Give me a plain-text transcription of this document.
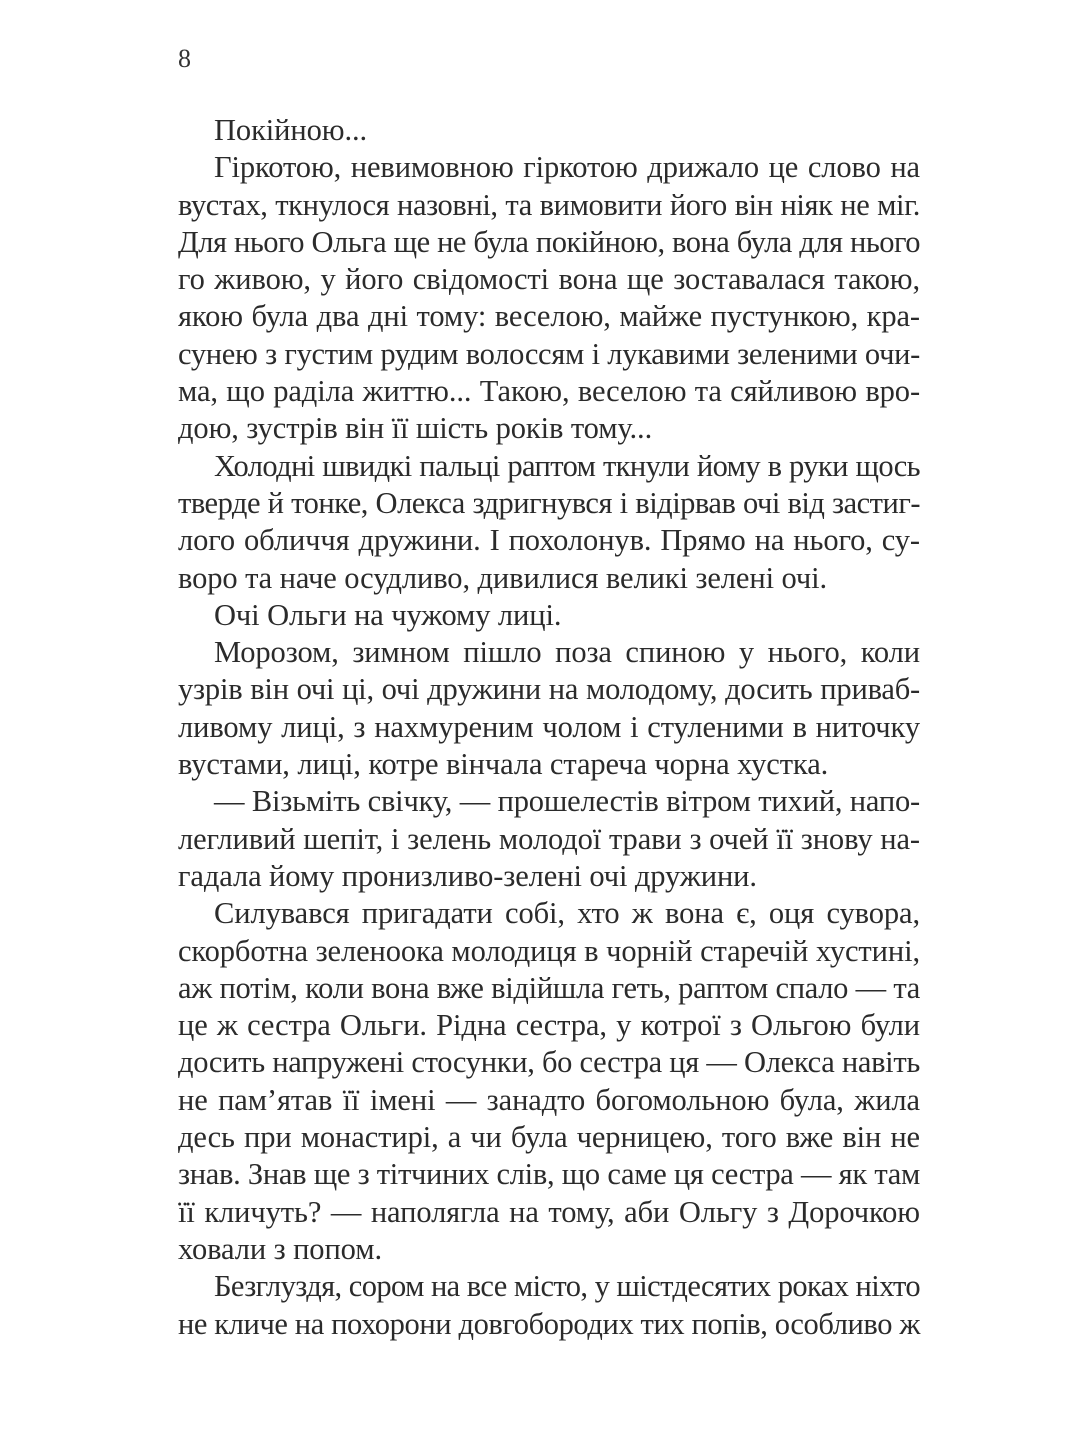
8
Покійною...
Гіркотою, невимовною гіркотою дрижало це слово на
вустах, ткнулося назовні, та вимовити його він ніяк не міг.
Для нього Ольга ще не була покійною, вона була для нього
го живою, у його свідомості вона ще зоставалася такою,
якою була два дні тому: веселою, майже пустункою, кра-
сунею з густим рудим волоссям і лукавими зеленими очи-
ма, що раділа життю... Такою, веселою та сяйливою вро-
дою, зустрів він її шість років тому...
Холодні швидкі пальці раптом ткнули йому в руки щось
тверде й тонке, Олекса здригнувся і відірвав очі від застиг-
лого обличчя дружини. І похолонув. Прямо на нього, су-
воро та наче осудливо, дивилися великі зелені очі.
Очі Ольги на чужому лиці.
Морозом, зимном пішло поза спиною у нього, коли
узрів він очі ці, очі дружини на молодому, досить приваб-
ливому лиці, з нахмуреним чолом і стуленими в ниточку
вустами, лиці, котре вінчала стареча чорна хустка.
— Візьміть свічку, — прошелестів вітром тихий, напо-
легливий шепіт, і зелень молодої трави з очей її знову на-
гадала йому пронизливо-зелені очі дружини.
Силувався пригадати собі, хто ж вона є, оця сувора,
скорботна зеленоока молодиця в чорній старечій хустині,
аж потім, коли вона вже відійшла геть, раптом спало — та
це ж сестра Ольги. Рідна сестра, у котрої з Ольгою були
досить напружені стосунки, бо сестра ця — Олекса навіть
не пам’ятав її імені — занадто богомольною була, жила
десь при монастирі, а чи була черницею, того вже він не
знав. Знав ще з тітчиних слів, що саме ця сестра — як там
її кличуть? — наполягла на тому, аби Ольгу з Дорочкою
ховали з попом.
Безглуздя, сором на все місто, у шістдесятих роках ніхто
не кличе на похорони довгобородих тих попів, особливо ж
